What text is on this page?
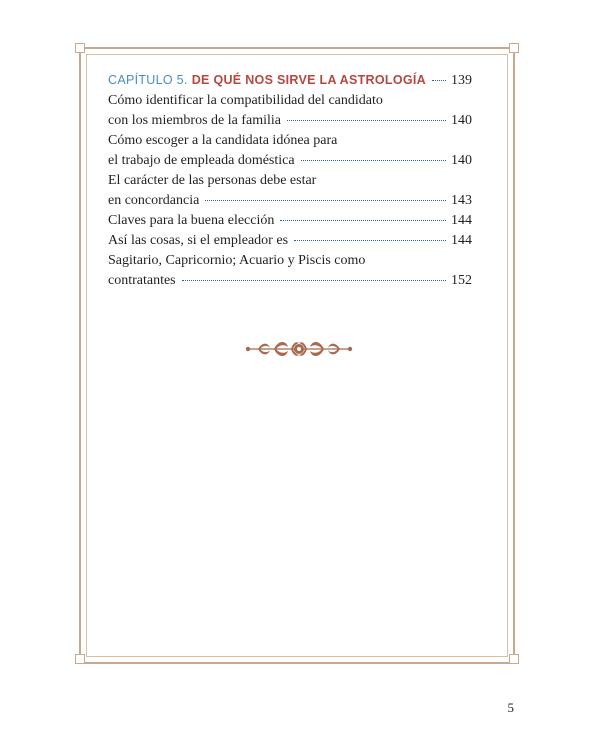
CAPÍTULO 5. DE QUÉ NOS SIRVE LA ASTROLOGÍA 139
Cómo identificar la compatibilidad del candidato
con los miembros de la familia	140
Cómo escoger a la candidata idónea para
el trabajo de empleada doméstica	140
El carácter de las personas debe estar
en concordancia	143
Claves para la buena elección	144
Así las cosas, si el empleador es	144
Sagitario, Capricornio; Acuario y Piscis como
contratantes	152
5
